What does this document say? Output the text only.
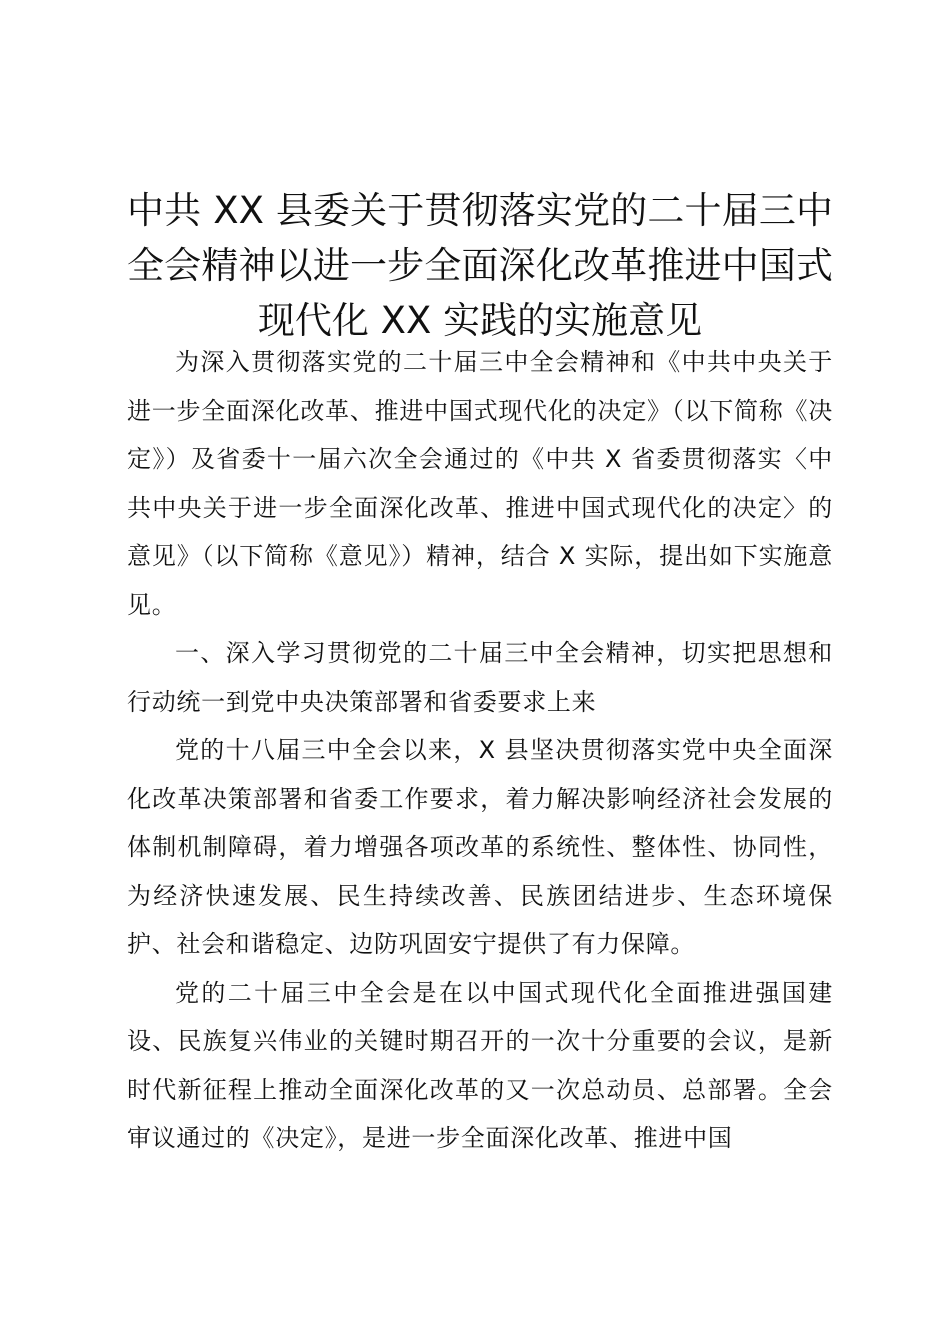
中共 XX 县委关于贯彻落实党的二十届三中全会精神以进一步全面深化改革推进中国式现代化 XX 实践的实施意见

为深入贯彻落实党的二十届三中全会精神和《中共中央关于进一步全面深化改革、推进中国式现代化的决定》（以下简称《决定》）及省委十一届六次全会通过的《中共 X 省委贯彻落实〈中共中央关于进一步全面深化改革、推进中国式现代化的决定〉的意见》（以下简称《意见》）精神，结合 X 实际，提出如下实施意见。

一、深入学习贯彻党的二十届三中全会精神，切实把思想和行动统一到党中央决策部署和省委要求上来

党的十八届三中全会以来，X 县坚决贯彻落实党中央全面深化改革决策部署和省委工作要求，着力解决影响经济社会发展的体制机制障碍，着力增强各项改革的系统性、整体性、协同性，为经济快速发展、民生持续改善、民族团结进步、生态环境保护、社会和谐稳定、边防巩固安宁提供了有力保障。

党的二十届三中全会是在以中国式现代化全面推进强国建设、民族复兴伟业的关键时期召开的一次十分重要的会议，是新时代新征程上推动全面深化改革的又一次总动员、总部署。全会审议通过的《决定》，是进一步全面深化改革、推进中国
